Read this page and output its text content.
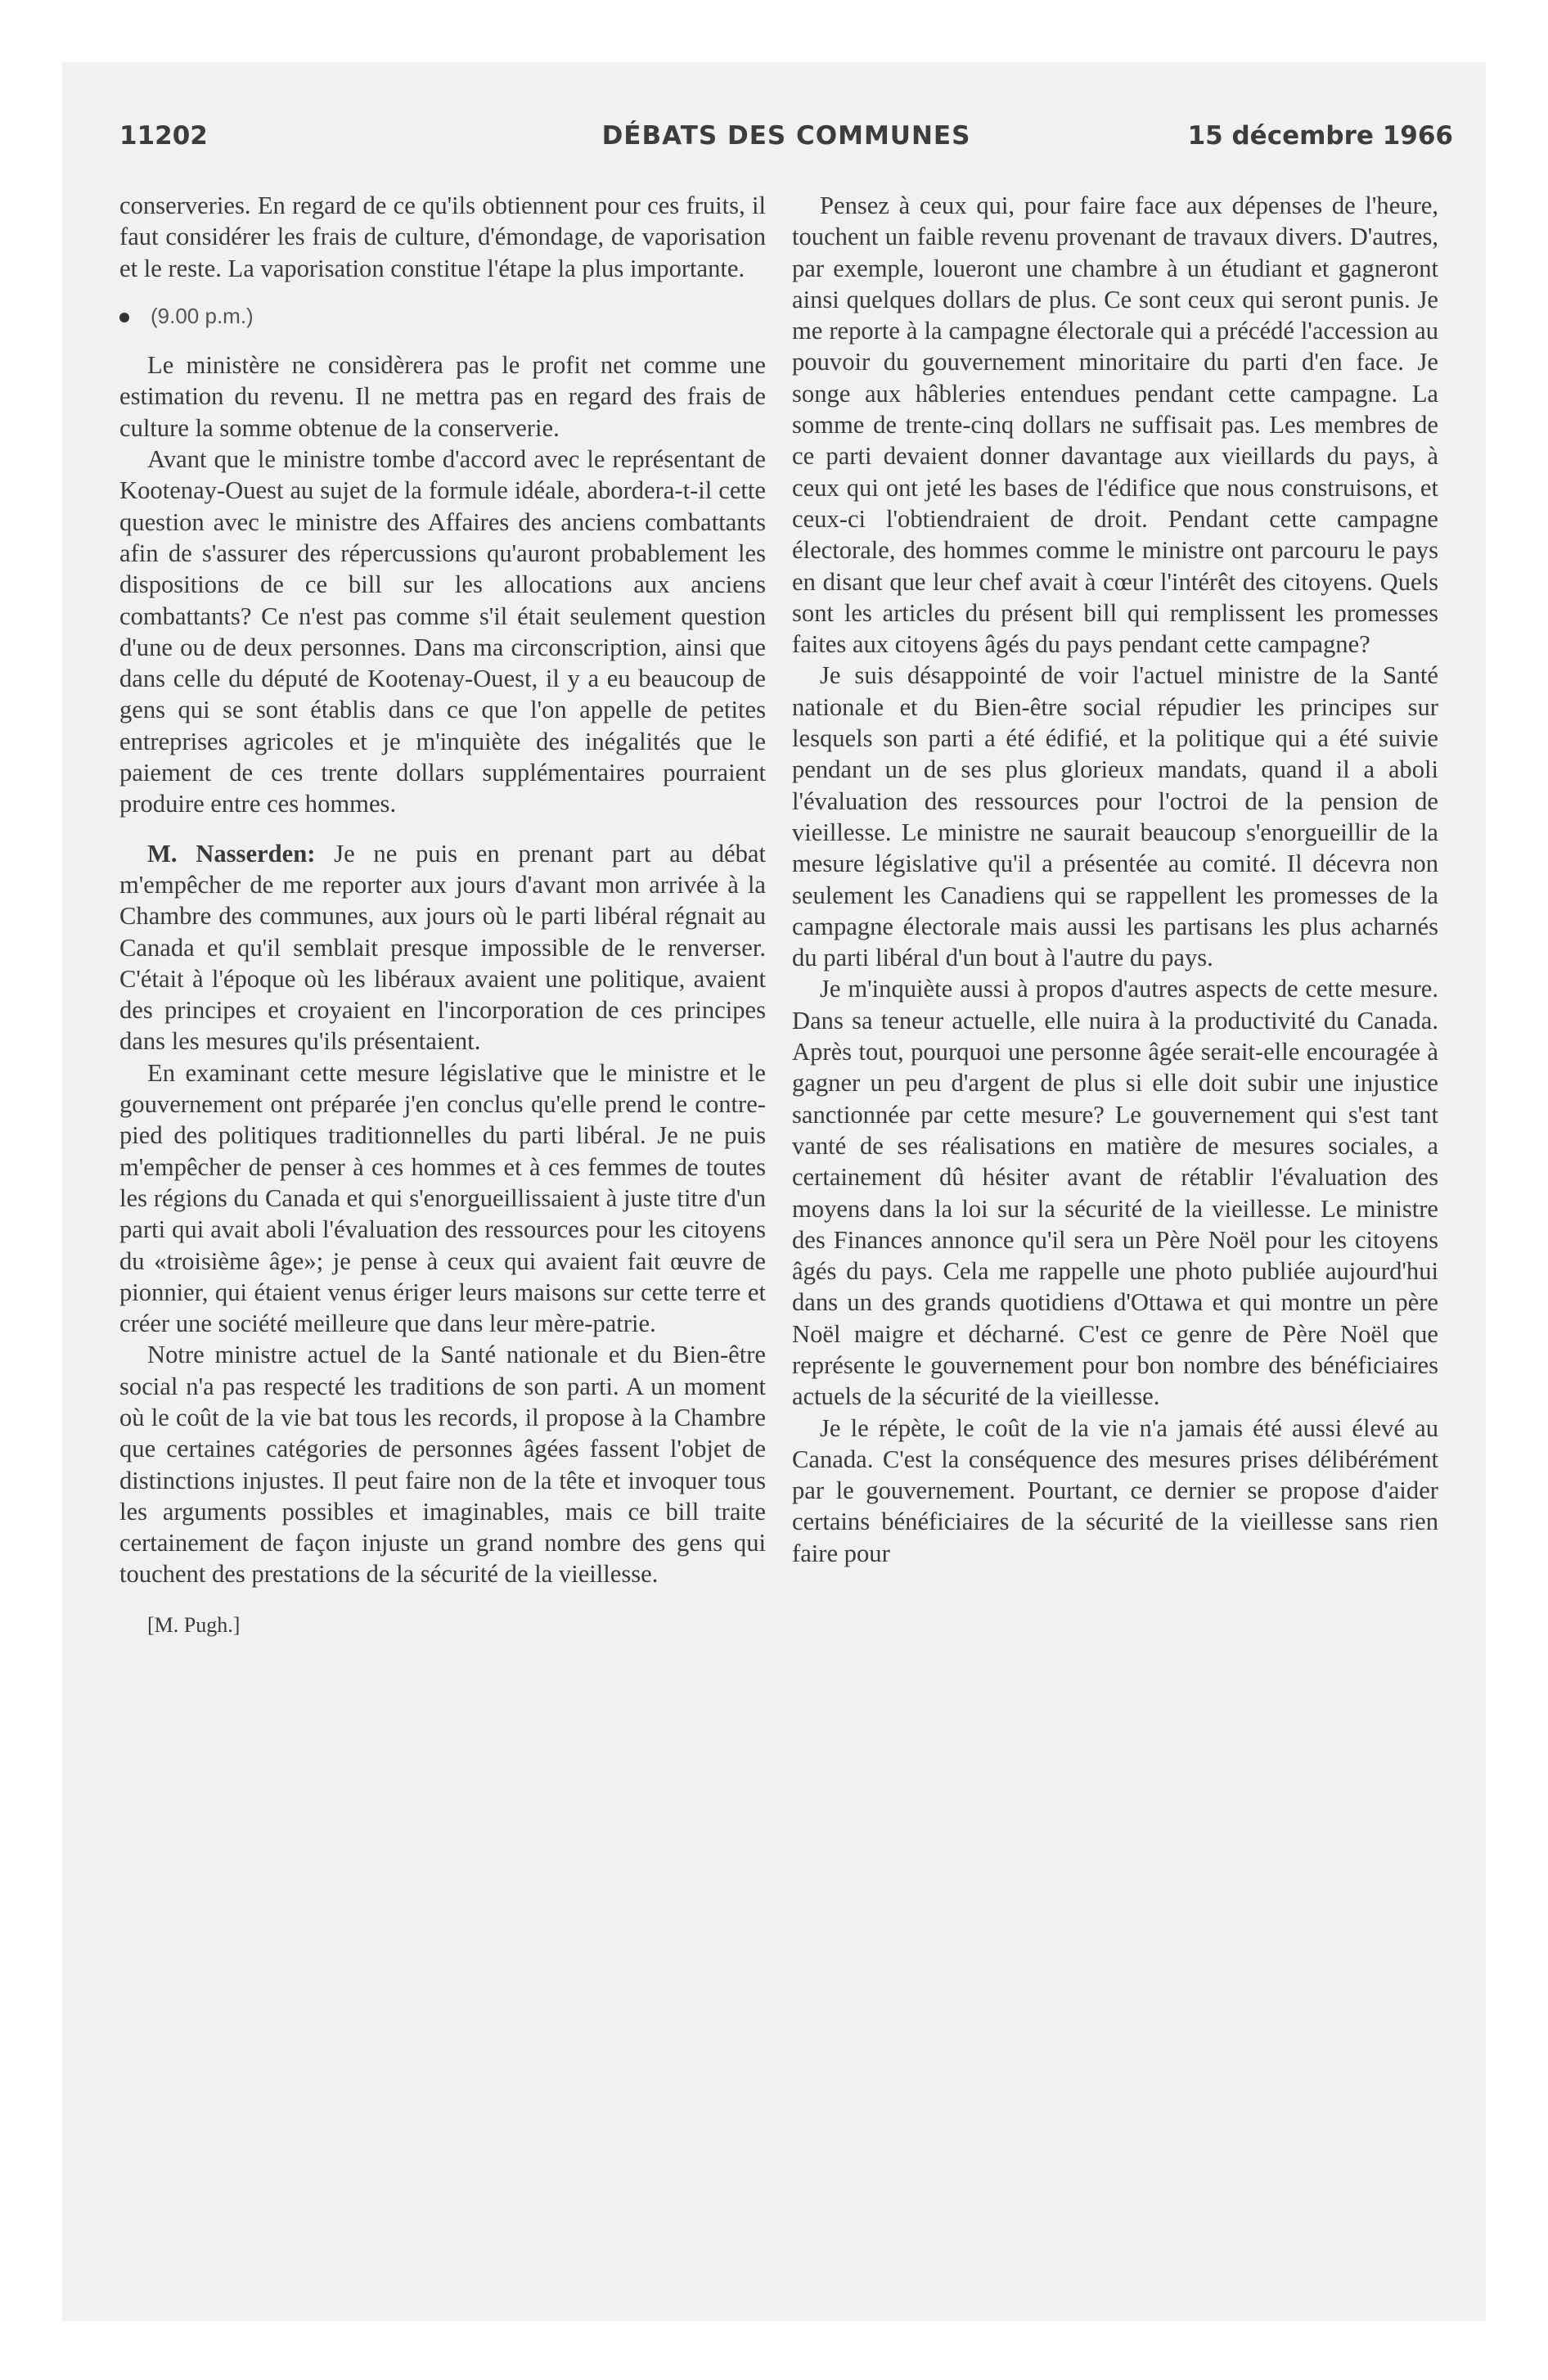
11202	DÉBATS DES COMMUNES	15 décembre 1966

conserveries. En regard de ce qu'ils obtiennent pour ces fruits, il faut considérer les frais de culture, d'émondage, de vaporisation et le reste. La vaporisation constitue l'étape la plus importante.

(9.00 p.m.)

Le ministère ne considèrera pas le profit net comme une estimation du revenu. Il ne mettra pas en regard des frais de culture la somme obtenue de la conserverie.

Avant que le ministre tombe d'accord avec le représentant de Kootenay-Ouest au sujet de la formule idéale, abordera-t-il cette question avec le ministre des Affaires des anciens combattants afin de s'assurer des répercussions qu'auront probablement les dispositions de ce bill sur les allocations aux anciens combattants? Ce n'est pas comme s'il était seulement question d'une ou de deux personnes. Dans ma circonscription, ainsi que dans celle du député de Kootenay-Ouest, il y a eu beaucoup de gens qui se sont établis dans ce que l'on appelle de petites entreprises agricoles et je m'inquiète des inégalités que le paiement de ces trente dollars supplémentaires pourraient produire entre ces hommes.

M. Nasserden: Je ne puis en prenant part au débat m'empêcher de me reporter aux jours d'avant mon arrivée à la Chambre des communes, aux jours où le parti libéral régnait au Canada et qu'il semblait presque impossible de le renverser. C'était à l'époque où les libéraux avaient une politique, avaient des principes et croyaient en l'incorporation de ces principes dans les mesures qu'ils présentaient.

En examinant cette mesure législative que le ministre et le gouvernement ont préparée j'en conclus qu'elle prend le contre-pied des politiques traditionnelles du parti libéral. Je ne puis m'empêcher de penser à ces hommes et à ces femmes de toutes les régions du Canada et qui s'enorgueillissaient à juste titre d'un parti qui avait aboli l'évaluation des ressources pour les citoyens du «troisième âge»; je pense à ceux qui avaient fait œuvre de pionnier, qui étaient venus ériger leurs maisons sur cette terre et créer une société meilleure que dans leur mère-patrie.

Notre ministre actuel de la Santé nationale et du Bien-être social n'a pas respecté les traditions de son parti. A un moment où le coût de la vie bat tous les records, il propose à la Chambre que certaines catégories de personnes âgées fassent l'objet de distinctions injustes. Il peut faire non de la tête et invoquer tous les arguments possibles et imaginables, mais ce bill traite certainement de façon injuste un grand nombre des gens qui touchent des prestations de la sécurité de la vieillesse.

[M. Pugh.]

Pensez à ceux qui, pour faire face aux dépenses de l'heure, touchent un faible revenu provenant de travaux divers. D'autres, par exemple, loueront une chambre à un étudiant et gagneront ainsi quelques dollars de plus. Ce sont ceux qui seront punis. Je me reporte à la campagne électorale qui a précédé l'accession au pouvoir du gouvernement minoritaire du parti d'en face. Je songe aux hâbleries entendues pendant cette campagne. La somme de trente-cinq dollars ne suffisait pas. Les membres de ce parti devaient donner davantage aux vieillards du pays, à ceux qui ont jeté les bases de l'édifice que nous construisons, et ceux-ci l'obtiendraient de droit. Pendant cette campagne électorale, des hommes comme le ministre ont parcouru le pays en disant que leur chef avait à cœur l'intérêt des citoyens. Quels sont les articles du présent bill qui remplissent les promesses faites aux citoyens âgés du pays pendant cette campagne?

Je suis désappointé de voir l'actuel ministre de la Santé nationale et du Bien-être social répudier les principes sur lesquels son parti a été édifié, et la politique qui a été suivie pendant un de ses plus glorieux mandats, quand il a aboli l'évaluation des ressources pour l'octroi de la pension de vieillesse. Le ministre ne saurait beaucoup s'enorgueillir de la mesure législative qu'il a présentée au comité. Il décevra non seulement les Canadiens qui se rappellent les promesses de la campagne électorale mais aussi les partisans les plus acharnés du parti libéral d'un bout à l'autre du pays.

Je m'inquiète aussi à propos d'autres aspects de cette mesure. Dans sa teneur actuelle, elle nuira à la productivité du Canada. Après tout, pourquoi une personne âgée serait-elle encouragée à gagner un peu d'argent de plus si elle doit subir une injustice sanctionnée par cette mesure? Le gouvernement qui s'est tant vanté de ses réalisations en matière de mesures sociales, a certainement dû hésiter avant de rétablir l'évaluation des moyens dans la loi sur la sécurité de la vieillesse. Le ministre des Finances annonce qu'il sera un Père Noël pour les citoyens âgés du pays. Cela me rappelle une photo publiée aujourd'hui dans un des grands quotidiens d'Ottawa et qui montre un père Noël maigre et décharné. C'est ce genre de Père Noël que représente le gouvernement pour bon nombre des bénéficiaires actuels de la sécurité de la vieillesse.

Je le répète, le coût de la vie n'a jamais été aussi élevé au Canada. C'est la conséquence des mesures prises délibérément par le gouvernement. Pourtant, ce dernier se propose d'aider certains bénéficiaires de la sécurité de la vieillesse sans rien faire pour
